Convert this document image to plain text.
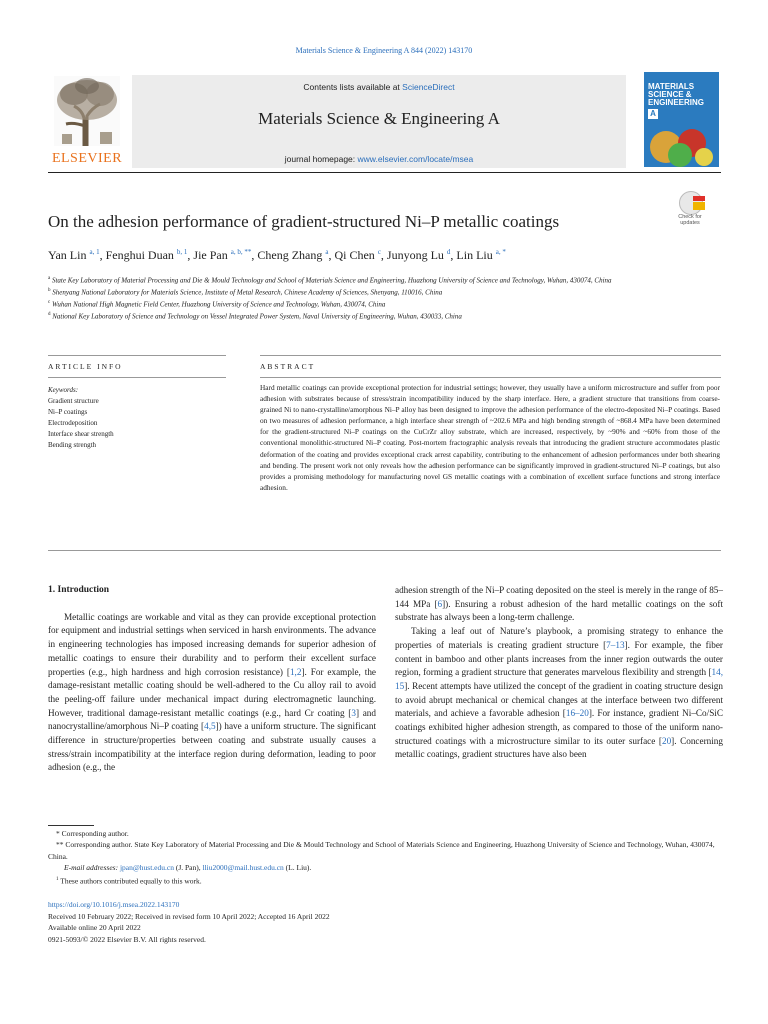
Materials Science & Engineering A 844 (2022) 143170
ELSEVIER
Contents lists available at ScienceDirect
Materials Science & Engineering A
journal homepage: www.elsevier.com/locate/msea
MATERIALS SCIENCE & ENGINEERING
A
On the adhesion performance of gradient-structured Ni–P metallic coatings	Check for updates
Yan Lin $^{a, 1}$, Fenghui Duan $^{b, 1}$, Jie Pan $^{a, b, **}$, Cheng Zhang $^a$, Qi Chen $^c$, Junyong Lu $^d$, Lin Liu $^{a, *}$
$^a$ State Key Laboratory of Material Processing and Die & Mould Technology and School of Materials Science and Engineering, Huazhong University of Science and Technology, Wuhan, 430074, China
$^b$ Shenyang National Laboratory for Materials Science, Institute of Metal Research, Chinese Academy of Sciences, Shenyang, 110016, China
$^c$ Wuhan National High Magnetic Field Center, Huazhong University of Science and Technology, Wuhan, 430074, China
$^d$ National Key Laboratory of Science and Technology on Vessel Integrated Power System, Naval University of Engineering, Wuhan, 430033, China
ARTICLE INFO	ABSTRACT
Keywords:
Gradient structure
Ni–P coatings
Electrodeposition
Interface shear strength
Bending strength
Hard metallic coatings can provide exceptional protection for industrial settings; however, they usually have a uniform microstructure and suffer from poor adhesion with substrates because of stress/strain incompatibility induced by the sharp interface. Here, a gradient structure that transitions from coarse-grained Ni to nano-crystalline/amorphous Ni–P alloy has been designed to improve the adhesion performance of the electro-deposited Ni–P coatings. Based on two measures of adhesion performance, a high interface shear strength of ~202.6 MPa and high bending strength of ~868.4 MPa have been determined for the gradient-structured Ni–P coatings on the CuCrZr alloy substrate, which are increased, respectively, by ~90% and ~60% from those of the conventional monolithic-structured Ni–P coating. Post-mortem fractographic analysis reveals that introducing the gradient structure accommodates plastic deformation of the coating and provides exceptional crack arrest capability, contributing to the enhancement of adhesion performances under both shearing and bending. The present work not only reveals how the adhesion performance can be significantly improved in gradient-structured Ni–P coatings, but also provides a promising methodology for manufacturing novel GS metallic coatings with a combination of excellent surface functions and strong interface adhesion.
1. Introduction

Metallic coatings are workable and vital as they can provide exceptional protection for equipment and industrial settings when serviced in harsh environments. The advance in engineering technologies has imposed increasing demands for superior adhesion of metallic coatings to ensure their durability and to perform their excellent surface properties (e.g., high hardness and high corrosion resistance) [1,2]. For example, the damage-resistant metallic coating should be well-adhered to the Cu alloy rail to avoid the peeling-off failure under mechanical impact during electromagnetic launching. However, traditional damage-resistant metallic coatings (e.g., hard Cr coating [3] and nanocrystalline/amorphous Ni–P coating [4,5]) have a uniform structure. The significant difference in structure/properties between coating and substrate usually causes a stress/strain incompatibility at the interface region during deformation, leading to poor adhesion (e.g., the

adhesion strength of the Ni–P coating deposited on the steel is merely in the range of 85–144 MPa [6]). Ensuring a robust adhesion of the hard metallic coatings on the soft substrate has always been a long-term challenge.

Taking a leaf out of Nature’s playbook, a promising strategy to enhance the properties of materials is creating gradient structure [7–13]. For example, the fiber content in bamboo and other plants increases from the inner region outwards the outer region, forming a gradient structure that generates marvelous flexibility and strength [14, 15]. Recent attempts have utilized the concept of the gradient in coating structure design to avoid abrupt mechanical or chemical changes at the interface between two different materials, and achieve a favorable adhesion [16–20]. For instance, gradient Ni–Co/SiC coatings exhibited higher adhesion strength, as compared to those of the uniform nano-structured coatings with a microstructure similar to its outer surface [20]. Concerning metallic coatings, gradient structures have also been

* Corresponding author.

** Corresponding author. State Key Laboratory of Material Processing and Die & Mould Technology and School of Materials Science and Engineering, Huazhong University of Science and Technology, Wuhan, 430074, China.

E-mail addresses: jpan@hust.edu.cn (J. Pan), lliu2000@mail.hust.edu.cn (L. Liu).

$^1$ These authors contributed equally to this work.

https://doi.org/10.1016/j.msea.2022.143170

Received 10 February 2022; Received in revised form 10 April 2022; Accepted 16 April 2022

Available online 20 April 2022

0921-5093/© 2022 Elsevier B.V. All rights reserved.
